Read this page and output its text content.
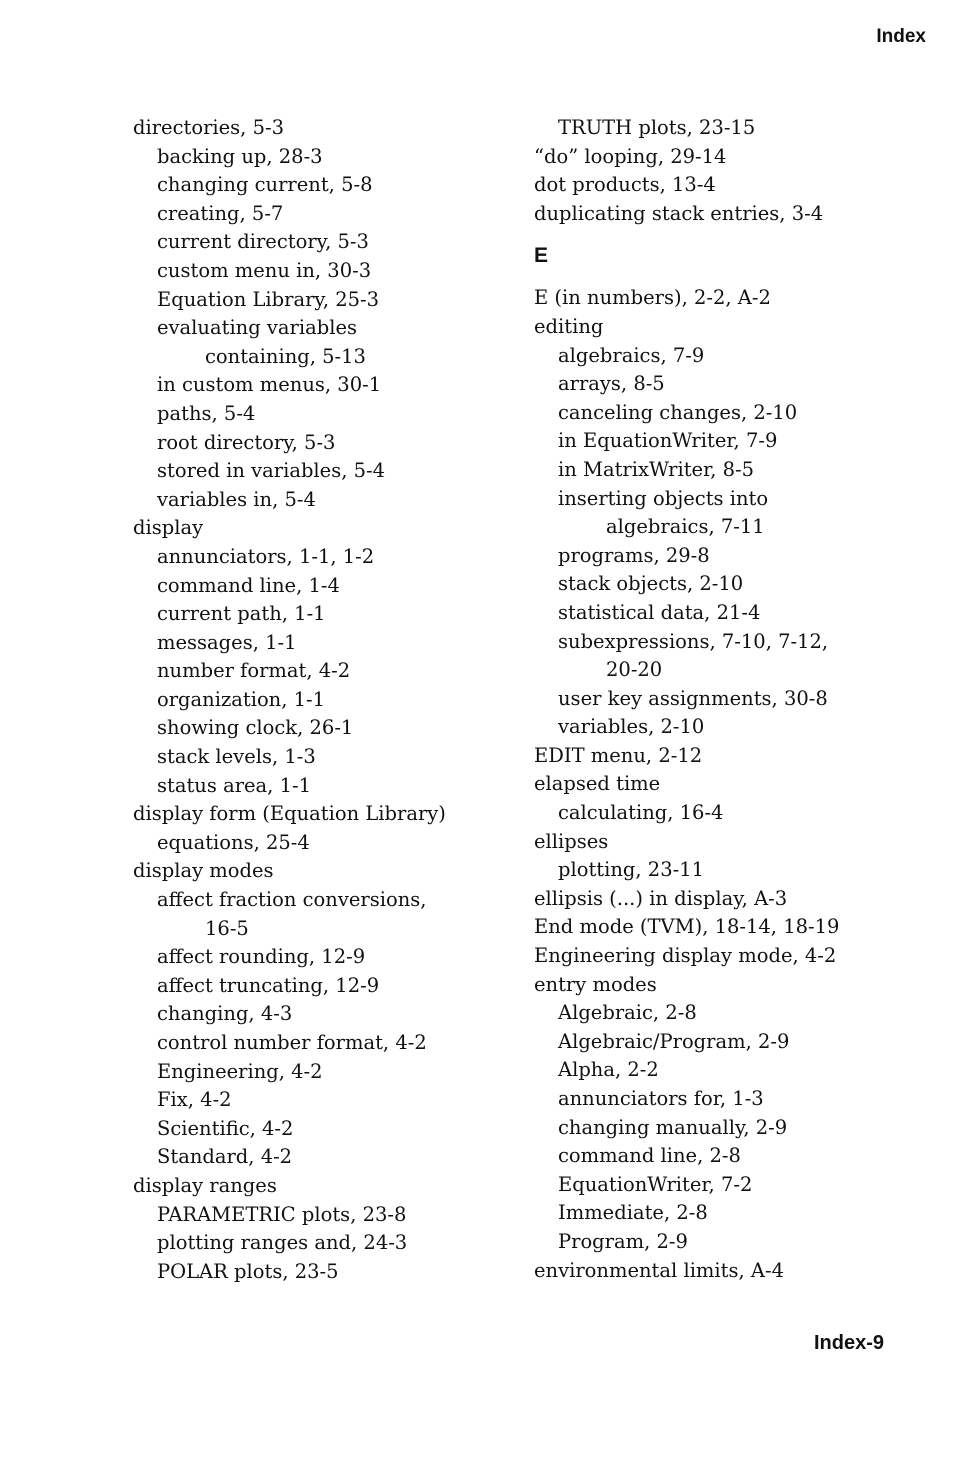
Index
directories, 5-3
backing up, 28-3
changing current, 5-8
creating, 5-7
current directory, 5-3
custom menu in, 30-3
Equation Library, 25-3
evaluating variables
containing, 5-13
in custom menus, 30-1
paths, 5-4
root directory, 5-3
stored in variables, 5-4
variables in, 5-4
display
annunciators, 1-1, 1-2
command line, 1-4
current path, 1-1
messages, 1-1
number format, 4-2
organization, 1-1
showing clock, 26-1
stack levels, 1-3
status area, 1-1
display form (Equation Library)
equations, 25-4
display modes
affect fraction conversions,
16-5
affect rounding, 12-9
affect truncating, 12-9
changing, 4-3
control number format, 4-2
Engineering, 4-2
Fix, 4-2
Scientific, 4-2
Standard, 4-2
display ranges
PARAMETRIC plots, 23-8
plotting ranges and, 24-3
POLAR plots, 23-5
TRUTH plots, 23-15
“do” looping, 29-14
dot products, 13-4
duplicating stack entries, 3-4
E
E (in numbers), 2-2, A-2
editing
algebraics, 7-9
arrays, 8-5
canceling changes, 2-10
in EquationWriter, 7-9
in MatrixWriter, 8-5
inserting objects into
algebraics, 7-11
programs, 29-8
stack objects, 2-10
statistical data, 21-4
subexpressions, 7-10, 7-12,
20-20
user key assignments, 30-8
variables, 2-10
EDIT menu, 2-12
elapsed time
calculating, 16-4
ellipses
plotting, 23-11
ellipsis (...) in display, A-3
End mode (TVM), 18-14, 18-19
Engineering display mode, 4-2
entry modes
Algebraic, 2-8
Algebraic/Program, 2-9
Alpha, 2-2
annunciators for, 1-3
changing manually, 2-9
command line, 2-8
EquationWriter, 7-2
Immediate, 2-8
Program, 2-9
environmental limits, A-4
Index-9
